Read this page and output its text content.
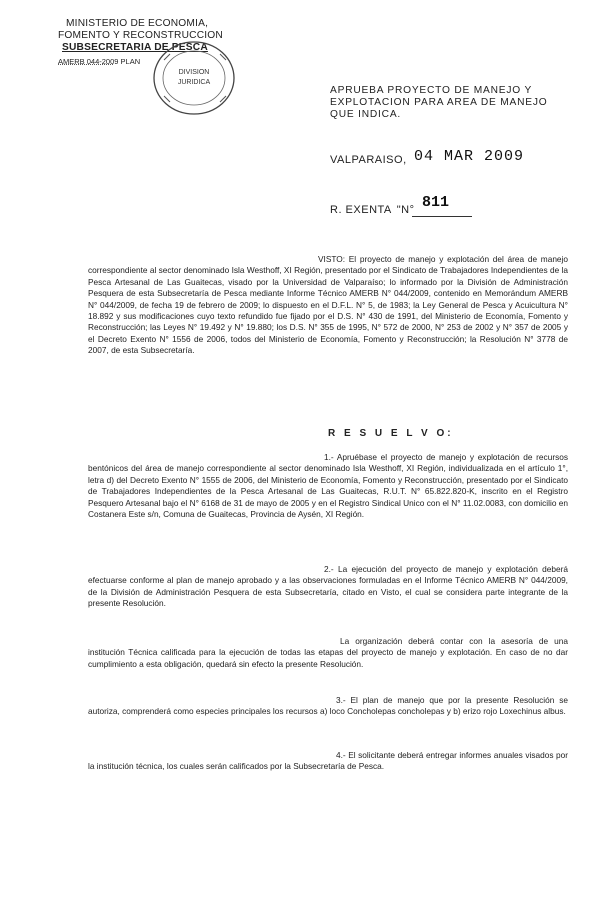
MINISTERIO DE ECONOMIA,
FOMENTO Y RECONSTRUCCION
SUBSECRETARIA DE PESCA
AMERB 044-2009 PLAN
DIVISION
JURIDICA
APRUEBA PROYECTO DE MANEJO Y EXPLOTACION PARA AREA DE MANEJO QUE INDICA.
VALPARAISO, 04 MAR 2009
R. EXENTA "N° 811

VISTO: El proyecto de manejo y explotación del área de manejo correspondiente al sector denominado Isla Westhoff, XI Región, presentado por el Sindicato de Trabajadores Independientes de la Pesca Artesanal de Las Guaitecas, visado por la Universidad de Valparaíso; lo informado por la División de Administración Pesquera de esta Subsecretaría de Pesca mediante Informe Técnico AMERB N° 044/2009, contenido en Memorándum AMERB N° 044/2009, de fecha 19 de febrero de 2009; lo dispuesto en el D.F.L. N° 5, de 1983; la Ley General de Pesca y Acuicultura N° 18.892 y sus modificaciones cuyo texto refundido fue fijado por el D.S. N° 430 de 1991, del Ministerio de Economía, Fomento y Reconstrucción; las Leyes N° 19.492 y N° 19.880; los D.S. N° 355 de 1995, N° 572 de 2000, N° 253 de 2002 y N° 357 de 2005 y el Decreto Exento N° 1556 de 2006, todos del Ministerio de Economía, Fomento y Reconstrucción; la Resolución N° 3778 de 2007, de esta Subsecretaría.

R E S U E L V O:

1.- Apruébase el proyecto de manejo y explotación de recursos bentónicos del área de manejo correspondiente al sector denominado Isla Westhoff, XI Región, individualizada en el artículo 1°, letra d) del Decreto Exento N° 1555 de 2006, del Ministerio de Economía, Fomento y Reconstrucción, presentado por el Sindicato de Trabajadores Independientes de la Pesca Artesanal de Las Guaitecas, R.U.T. N° 65.822.820-K, inscrito en el Registro Pesquero Artesanal bajo el N° 6168 de 31 de mayo de 2005 y en el Registro Sindical Unico con el N° 11.02.0083, con domicilio en Costanera Este s/n, Comuna de Guaitecas, Provincia de Aysén, XI Región.

2.- La ejecución del proyecto de manejo y explotación deberá efectuarse conforme al plan de manejo aprobado y a las observaciones formuladas en el Informe Técnico AMERB N° 044/2009, de la División de Administración Pesquera de esta Subsecretaría, citado en Visto, el cual se considera parte integrante de la presente Resolución.

La organización deberá contar con la asesoría de una institución Técnica calificada para la ejecución de todas las etapas del proyecto de manejo y explotación. En caso de no dar cumplimiento a esta obligación, quedará sin efecto la presente Resolución.

3.- El plan de manejo que por la presente Resolución se autoriza, comprenderá como especies principales los recursos a) loco Concholepas concholepas y b) erizo rojo Loxechinus albus.

4.- El solicitante deberá entregar informes anuales visados por la institución técnica, los cuales serán calificados por la Subsecretaría de Pesca.
